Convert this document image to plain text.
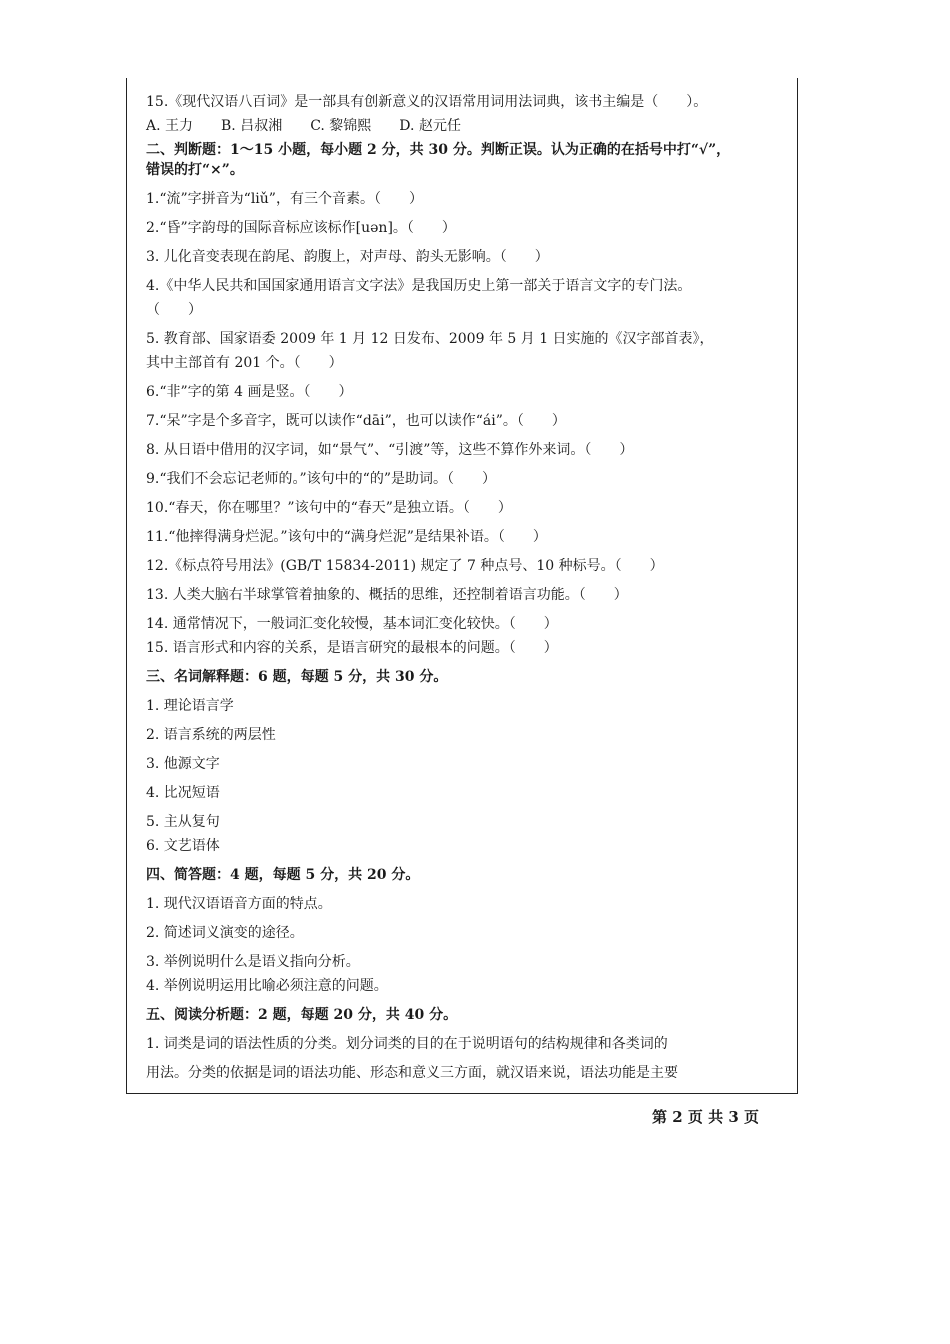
15.《现代汉语八百词》是一部具有创新意义的汉语常用词用法词典，该书主编是（　　）。

A. 王力　　B. 吕叔湘　　C. 黎锦熙　　D. 赵元任

二、判断题：1～15 小题，每小题 2 分，共 30 分。判断正误。认为正确的在括号中打“√”，

错误的打“×”。

1.“流”字拼音为“liǔ”，有三个音素。（　　）

2.“昏”字韵母的国际音标应该标作[uən]。（　　）

3. 儿化音变表现在韵尾、韵腹上，对声母、韵头无影响。（　　）

4.《中华人民共和国国家通用语言文字法》是我国历史上第一部关于语言文字的专门法。

（　　）

5. 教育部、国家语委 2009 年 1 月 12 日发布、2009 年 5 月 1 日实施的《汉字部首表》，

其中主部首有 201 个。（　　）

6.“非”字的第 4 画是竖。（　　）

7.“呆”字是个多音字，既可以读作“dāi”，也可以读作“ái”。（　　）

8. 从日语中借用的汉字词，如“景气”、“引渡”等，这些不算作外来词。（　　）

9.“我们不会忘记老师的。”该句中的“的”是助词。（　　）

10.“春天，你在哪里？”该句中的“春天”是独立语。（　　）

11.“他摔得满身烂泥。”该句中的“满身烂泥”是结果补语。（　　）

12.《标点符号用法》(GB/T 15834-2011) 规定了 7 种点号、10 种标号。（　　）

13. 人类大脑右半球掌管着抽象的、概括的思维，还控制着语言功能。（　　）

14. 通常情况下，一般词汇变化较慢，基本词汇变化较快。（　　）

15. 语言形式和内容的关系，是语言研究的最根本的问题。（　　）

三、名词解释题：6 题，每题 5 分，共 30 分。

1. 理论语言学

2. 语言系统的两层性

3. 他源文字

4. 比况短语

5. 主从复句

6. 文艺语体

四、简答题：4 题，每题 5 分，共 20 分。

1. 现代汉语语音方面的特点。

2. 简述词义演变的途径。

3. 举例说明什么是语义指向分析。

4. 举例说明运用比喻必须注意的问题。

五、阅读分析题：2 题，每题 20 分，共 40 分。

1. 词类是词的语法性质的分类。划分词类的目的在于说明语句的结构规律和各类词的

用法。分类的依据是词的语法功能、形态和意义三方面，就汉语来说，语法功能是主要

第 2 页 共 3 页
